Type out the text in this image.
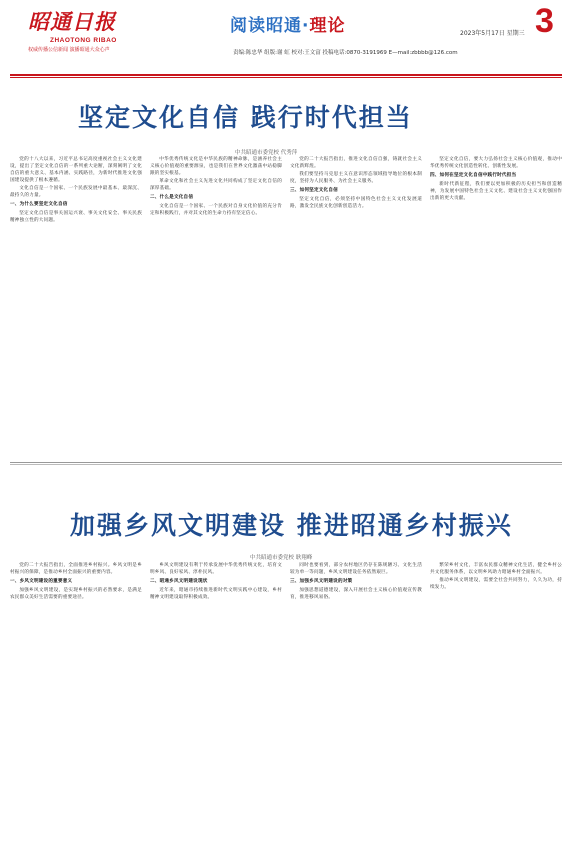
昭通日报
ZHAOTONG RIBAO
权威传播公信新闻 演播昭通大众心声
阅读昭通·理论	2023年5月17日 星期三 3
责编:陈忠华 组版:谢 虹 校对:王文富 投稿电话:0870-3191969 E—mail:zbbbb@126.com
坚定文化自信 践行时代担当
中共昭通市委党校 代秀萍

党的十八大以来，习近平总书记高度重视社会主义文化建设，提出了坚定文化自信的一系列重大论断，深刻阐明了文化自信的重大意义、基本内涵、实践路径，为新时代推进文化强国建设提供了根本遵循。

文化自信是一个国家、一个民族发展中最基本、最深沉、最持久的力量。

一、为什么要坚定文化自信

坚定文化自信是事关国运兴衰、事关文化安全、事关民族精神独立性的大问题。

中华优秀传统文化是中华民族的精神命脉，是涵养社会主义核心价值观的重要源泉，也是我们在世界文化激荡中站稳脚跟的坚实根基。

革命文化和社会主义先进文化共同构成了坚定文化自信的深厚基础。

二、什么是文化自信

文化自信是一个国家、一个民族对自身文化价值的充分肯定和积极践行，并对其文化的生命力持有坚定信心。

党的二十大报告指出，推进文化自信自强，铸就社会主义文化新辉煌。

我们要坚持马克思主义在意识形态领域指导地位的根本制度，坚持为人民服务、为社会主义服务。

三、如何坚定文化自信

坚定文化自信，必须坚持中国特色社会主义文化发展道路，激发全民族文化创新创造活力。

坚定文化自信，要大力弘扬社会主义核心价值观，推动中华优秀传统文化创造性转化、创新性发展。

四、如何在坚定文化自信中践行时代担当

新时代新征程，我们要以更加积极的历史担当和创造精神，为发展中国特色社会主义文化、建设社会主义文化强国作出新的更大贡献。

加强乡风文明建设 推进昭通乡村振兴
中共昭通市委党校 耿翔峰

党的二十大报告指出，全面推进乡村振兴。乡风文明是乡村振兴的保障，是推动乡村全面振兴的重要内容。

一、乡风文明建设的重要意义

加强乡风文明建设，是实现乡村振兴的必然要求，是满足农民群众美好生活需要的重要途径。

乡风文明建设有利于传承发展中华优秀传统文化，培育文明乡风、良好家风、淳朴民风。

二、昭通乡风文明建设现状

近年来，昭通市持续推进新时代文明实践中心建设，乡村精神文明建设取得积极成效。

同时也要看到，部分农村地区仍存在陈规陋习、文化生活较为单一等问题，乡风文明建设任务依然艰巨。

三、加强乡风文明建设的对策

加强思想道德建设，深入开展社会主义核心价值观宣传教育，推进移风易俗。

繁荣乡村文化，丰富农民群众精神文化生活，健全乡村公共文化服务体系，以文明乡风助力昭通乡村全面振兴。

推动乡风文明建设，需要全社会共同努力，久久为功，持续发力。
